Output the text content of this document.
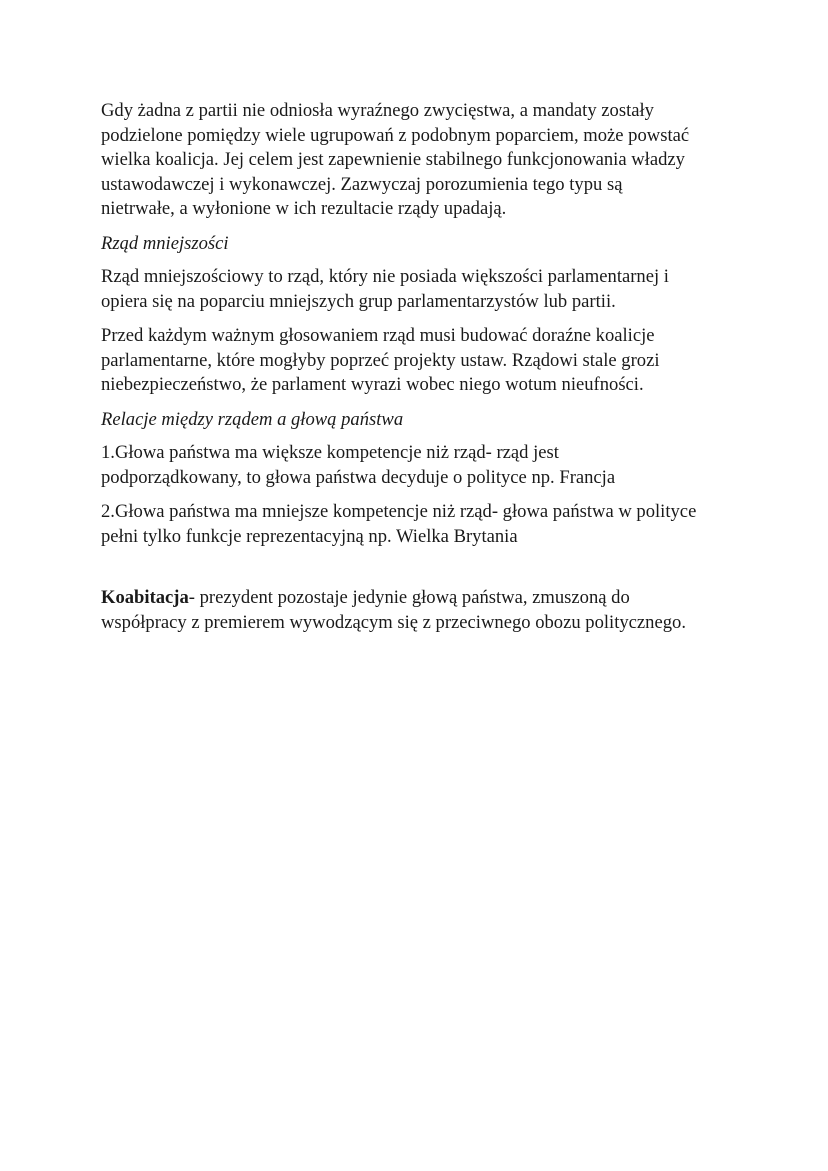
Gdy żadna z partii nie odniosła wyraźnego zwycięstwa, a mandaty zostały
podzielone pomiędzy wiele ugrupowań z podobnym poparciem, może powstać
wielka koalicja. Jej celem jest zapewnienie stabilnego funkcjonowania władzy
ustawodawczej i wykonawczej. Zazwyczaj porozumienia tego typu są
nietrwałe, a wyłonione w ich rezultacie rządy upadają.

Rząd mniejszości

Rząd mniejszościowy to rząd, który nie posiada większości parlamentarnej i
opiera się na poparciu mniejszych grup parlamentarzystów lub partii.

Przed każdym ważnym głosowaniem rząd musi budować doraźne koalicje
parlamentarne, które mogłyby poprzeć projekty ustaw. Rządowi stale grozi
niebezpieczeństwo, że parlament wyrazi wobec niego wotum nieufności.

Relacje między rządem a głową państwa

1.Głowa państwa ma większe kompetencje niż rząd- rząd jest
podporządkowany, to głowa państwa decyduje o polityce np. Francja

2.Głowa państwa ma mniejsze kompetencje niż rząd- głowa państwa w polityce
pełni tylko funkcje reprezentacyjną np. Wielka Brytania

Koabitacja- prezydent pozostaje jedynie głową państwa, zmuszoną do
współpracy z premierem wywodzącym się z przeciwnego obozu politycznego.
